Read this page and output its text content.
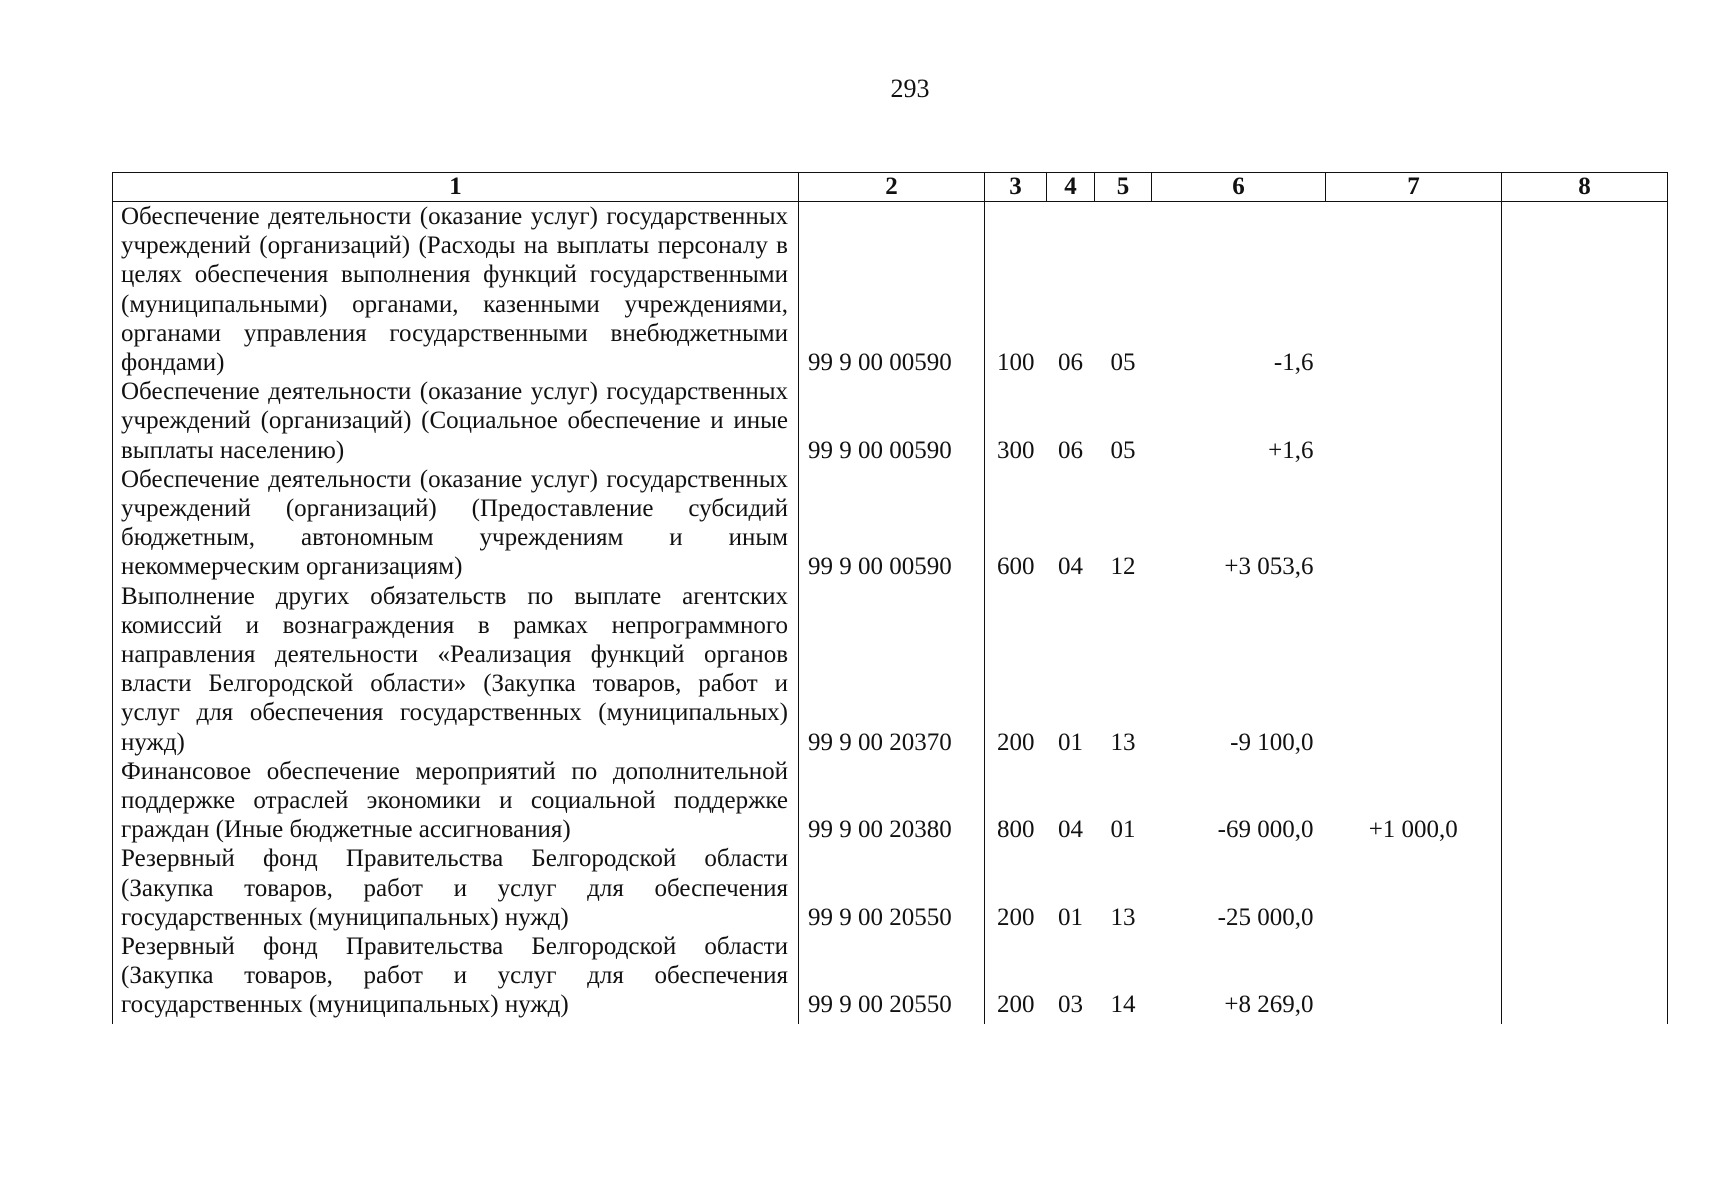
293
1	2	3	4	5	6	7	8
Обеспечение деятельности (оказание услуг) государственных учреждений (организаций) (Расходы на выплаты персоналу в целях обеспечения выполнения функций государственными (муниципальными) органами, казенными учреждениями, органами управления государственными внебюджетными фондами)	99 9 00 00590	100	06	05	-1,6		
Обеспечение деятельности (оказание услуг) государственных учреждений (организаций) (Социальное обеспечение и иные выплаты населению)	99 9 00 00590	300	06	05	+1,6		
Обеспечение деятельности (оказание услуг) государственных учреждений (организаций) (Предоставление субсидий бюджетным, автономным учреждениям и иным некоммерческим организациям)	99 9 00 00590	600	04	12	+3 053,6		
Выполнение других обязательств по выплате агентских комиссий и вознаграждения в рамках непрограммного направления деятельности «Реализация функций органов власти Белгородской области» (Закупка товаров, работ и услуг для обеспечения государственных (муниципальных) нужд)	99 9 00 20370	200	01	13	-9 100,0		
Финансовое обеспечение мероприятий по дополнительной поддержке отраслей экономики и социальной поддержке граждан (Иные бюджетные ассигнования)	99 9 00 20380	800	04	01	-69 000,0	+1 000,0	
Резервный фонд Правительства Белгородской области (Закупка товаров, работ и услуг для обеспечения государственных (муниципальных) нужд)	99 9 00 20550	200	01	13	-25 000,0		
Резервный фонд Правительства Белгородской области (Закупка товаров, работ и услуг для обеспечения государственных (муниципальных) нужд)	99 9 00 20550	200	03	14	+8 269,0		
